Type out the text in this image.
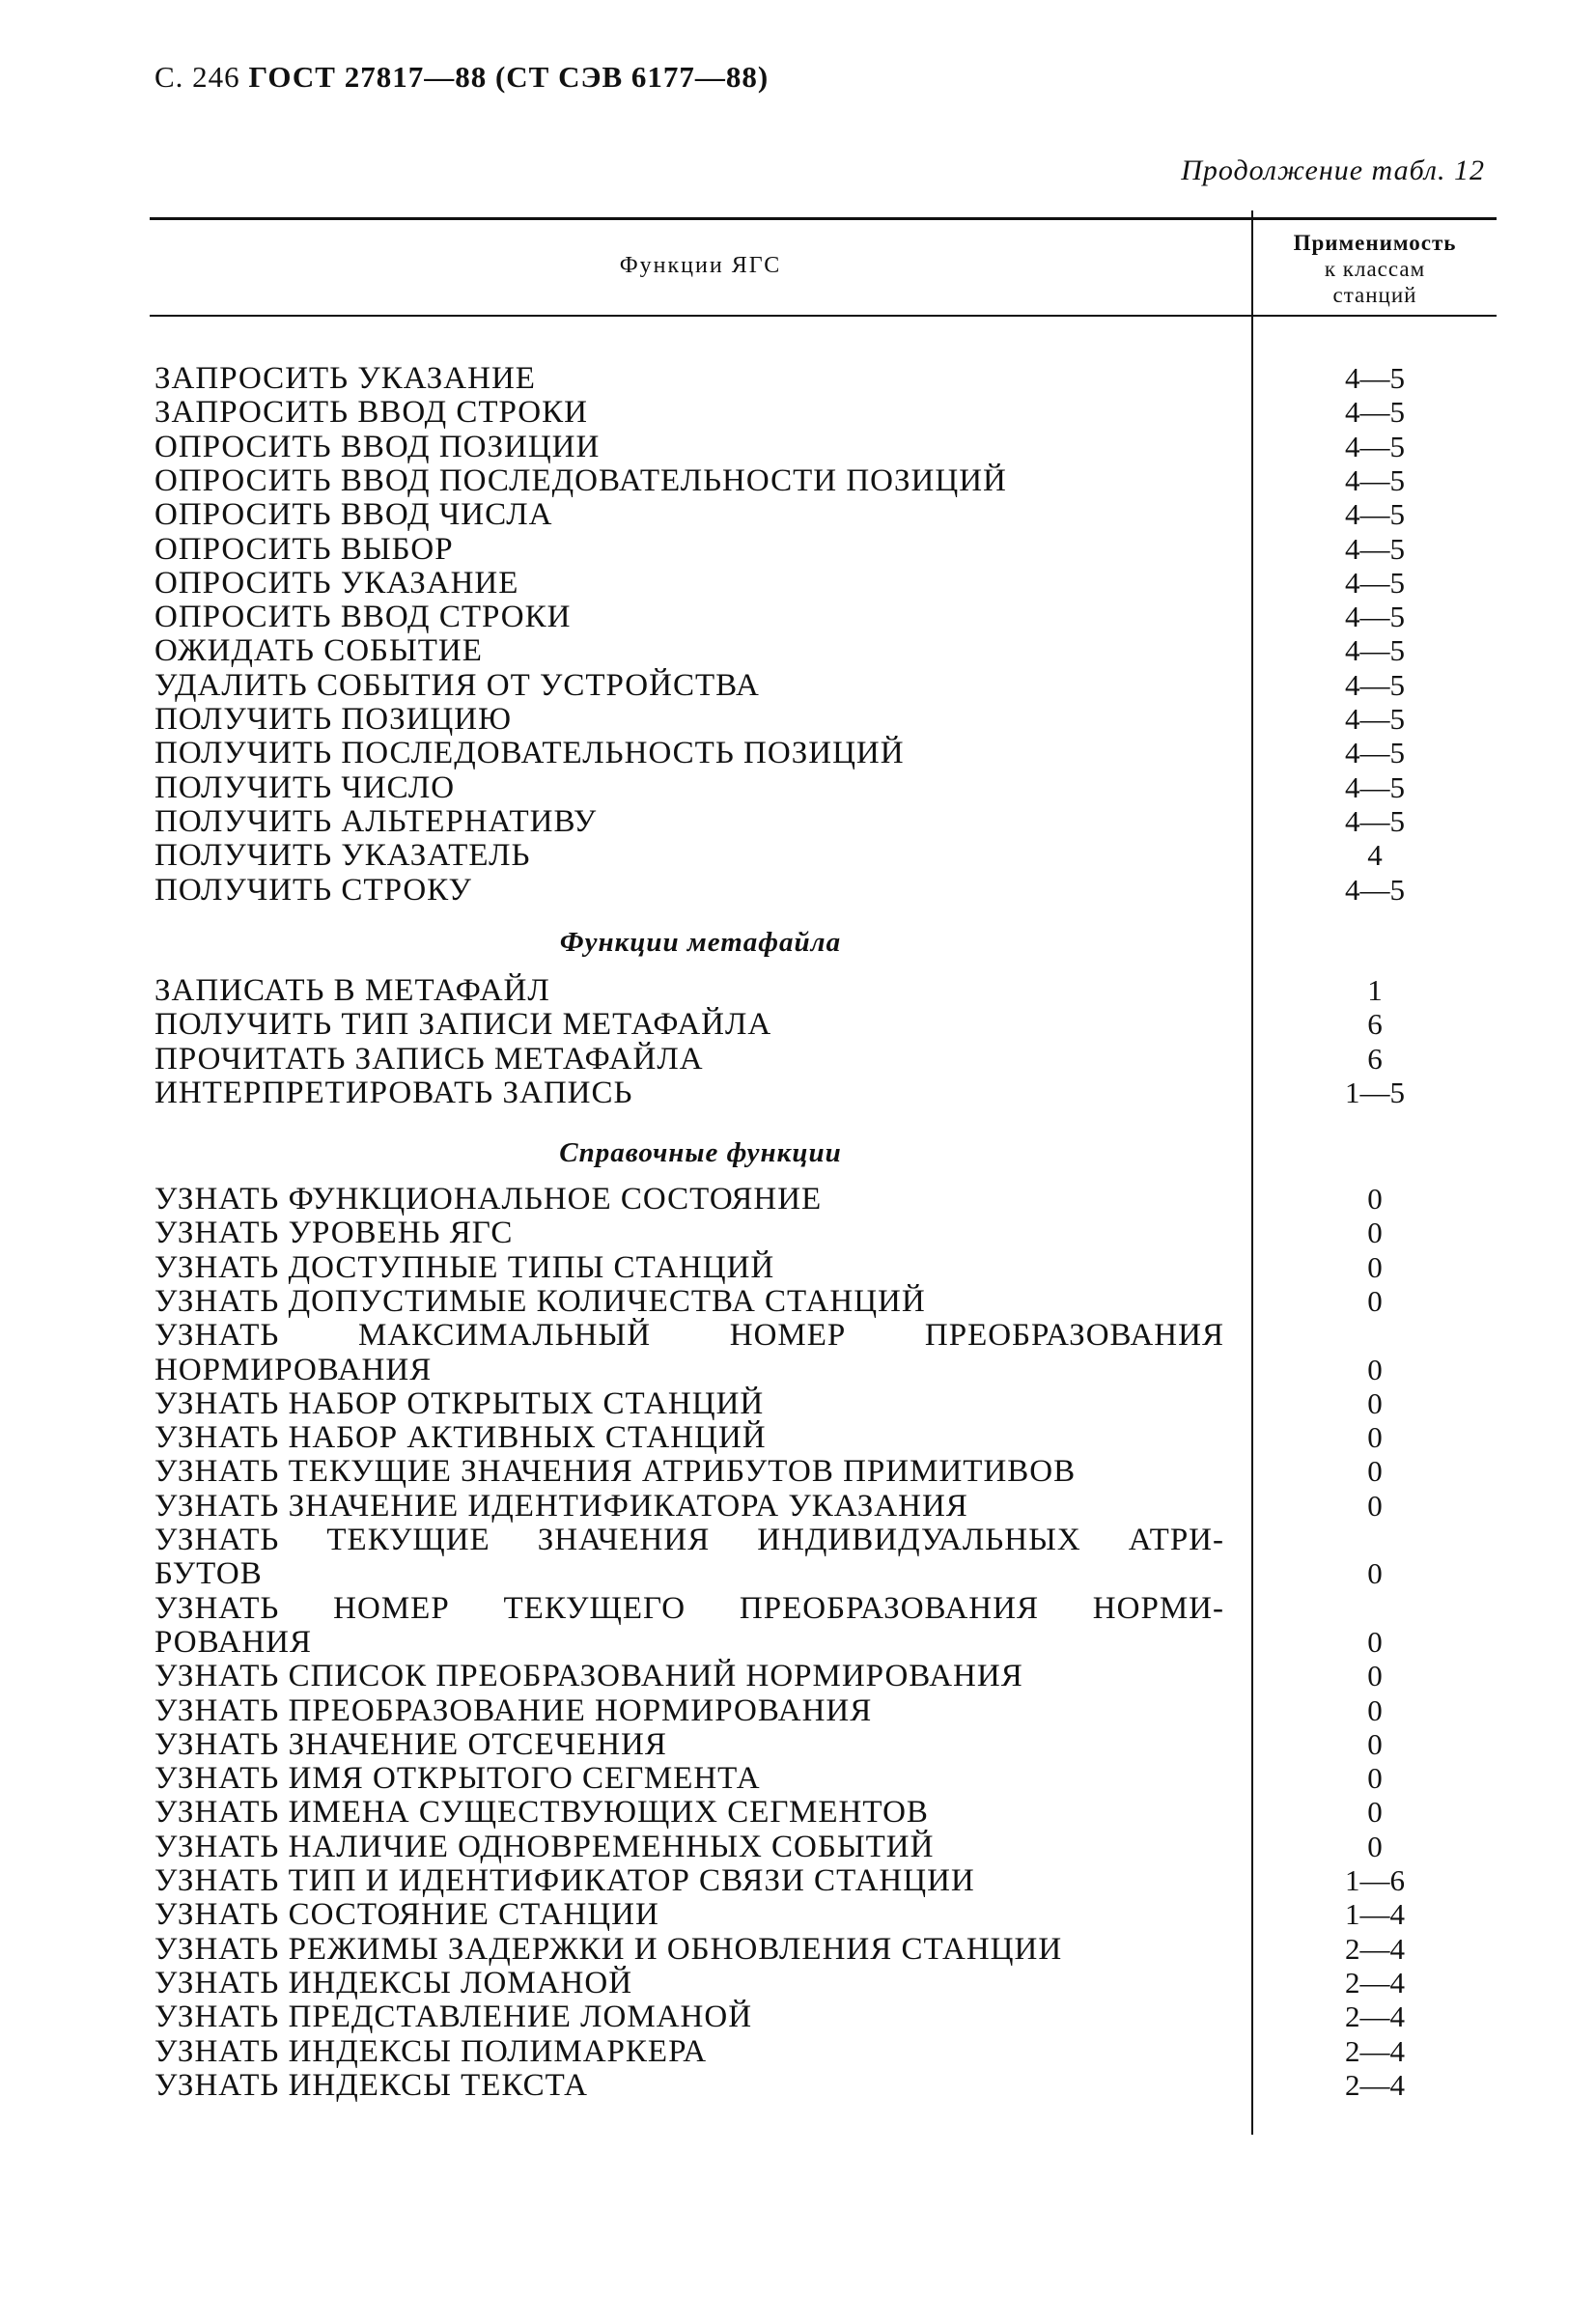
С. 246 ГОСТ 27817—88 (СТ СЭВ 6177—88)
Продолжение табл. 12
Функции ЯГС
Применимость
к классам
станций
ЗАПРОСИТЬ УКАЗАНИЕ	4—5
ЗАПРОСИТЬ ВВОД СТРОКИ	4—5
ОПРОСИТЬ ВВОД ПОЗИЦИИ	4—5
ОПРОСИТЬ ВВОД ПОСЛЕДОВАТЕЛЬНОСТИ ПОЗИЦИЙ	4—5
ОПРОСИТЬ ВВОД ЧИСЛА	4—5
ОПРОСИТЬ ВЫБОР	4—5
ОПРОСИТЬ УКАЗАНИЕ	4—5
ОПРОСИТЬ ВВОД СТРОКИ	4—5
ОЖИДАТЬ СОБЫТИЕ	4—5
УДАЛИТЬ СОБЫТИЯ ОТ УСТРОЙСТВА	4—5
ПОЛУЧИТЬ ПОЗИЦИЮ	4—5
ПОЛУЧИТЬ ПОСЛЕДОВАТЕЛЬНОСТЬ ПОЗИЦИЙ	4—5
ПОЛУЧИТЬ ЧИСЛО	4—5
ПОЛУЧИТЬ АЛЬТЕРНАТИВУ	4—5
ПОЛУЧИТЬ УКАЗАТЕЛЬ	4
ПОЛУЧИТЬ СТРОКУ	4—5
Функции метафайла
ЗАПИСАТЬ В МЕТАФАЙЛ	1
ПОЛУЧИТЬ ТИП ЗАПИСИ МЕТАФАЙЛА	6
ПРОЧИТАТЬ ЗАПИСЬ МЕТАФАЙЛА	6
ИНТЕРПРЕТИРОВАТЬ ЗАПИСЬ	1—5
Справочные функции
УЗНАТЬ ФУНКЦИОНАЛЬНОЕ СОСТОЯНИЕ	0
УЗНАТЬ УРОВЕНЬ ЯГС	0
УЗНАТЬ ДОСТУПНЫЕ ТИПЫ СТАНЦИЙ	0
УЗНАТЬ ДОПУСТИМЫЕ КОЛИЧЕСТВА СТАНЦИЙ	0
УЗНАТЬ МАКСИМАЛЬНЫЙ НОМЕР ПРЕОБРАЗОВАНИЯ
НОРМИРОВАНИЯ	0
УЗНАТЬ НАБОР ОТКРЫТЫХ СТАНЦИЙ	0
УЗНАТЬ НАБОР АКТИВНЫХ СТАНЦИЙ	0
УЗНАТЬ ТЕКУЩИЕ ЗНАЧЕНИЯ АТРИБУТОВ ПРИМИТИВОВ	0
УЗНАТЬ ЗНАЧЕНИЕ ИДЕНТИФИКАТОРА УКАЗАНИЯ	0
УЗНАТЬ ТЕКУЩИЕ ЗНАЧЕНИЯ ИНДИВИДУАЛЬНЫХ АТРИ-
БУТОВ	0
УЗНАТЬ НОМЕР ТЕКУЩЕГО ПРЕОБРАЗОВАНИЯ НОРМИ-
РОВАНИЯ	0
УЗНАТЬ СПИСОК ПРЕОБРАЗОВАНИЙ НОРМИРОВАНИЯ	0
УЗНАТЬ ПРЕОБРАЗОВАНИЕ НОРМИРОВАНИЯ	0
УЗНАТЬ ЗНАЧЕНИЕ ОТСЕЧЕНИЯ	0
УЗНАТЬ ИМЯ ОТКРЫТОГО СЕГМЕНТА	0
УЗНАТЬ ИМЕНА СУЩЕСТВУЮЩИХ СЕГМЕНТОВ	0
УЗНАТЬ НАЛИЧИЕ ОДНОВРЕМЕННЫХ СОБЫТИЙ	0
УЗНАТЬ ТИП И ИДЕНТИФИКАТОР СВЯЗИ СТАНЦИИ	1—6
УЗНАТЬ СОСТОЯНИЕ СТАНЦИИ	1—4
УЗНАТЬ РЕЖИМЫ ЗАДЕРЖКИ И ОБНОВЛЕНИЯ СТАНЦИИ	2—4
УЗНАТЬ ИНДЕКСЫ ЛОМАНОЙ	2—4
УЗНАТЬ ПРЕДСТАВЛЕНИЕ ЛОМАНОЙ	2—4
УЗНАТЬ ИНДЕКСЫ ПОЛИМАРКЕРА	2—4
УЗНАТЬ ИНДЕКСЫ ТЕКСТА	2—4
